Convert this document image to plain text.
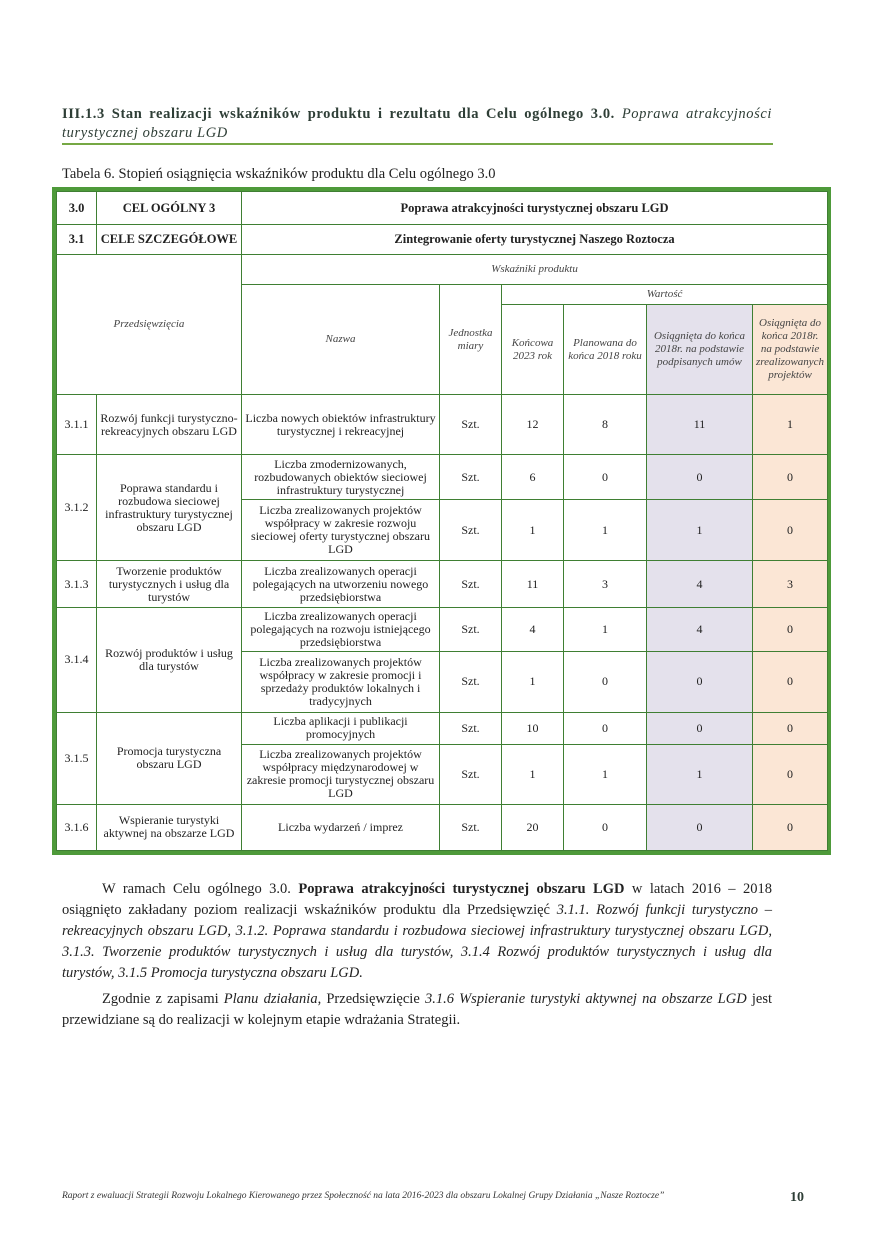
III.1.3 Stan realizacji wskaźników produktu i rezultatu dla Celu ogólnego 3.0. Poprawa atrakcyjności turystycznej obszaru LGD
Tabela 6. Stopień osiągnięcia wskaźników produktu dla Celu ogólnego 3.0
3.0	CEL OGÓLNY 3	Poprawa atrakcyjności turystycznej obszaru LGD					
3.1	CELE SZCZEGÓŁOWE	Zintegrowanie oferty turystycznej Naszego Roztocza					
Przedsięwzięcia		Wskaźniki produktu					
		Nazwa	Jednostka miary	Wartość			
				Końcowa 2023 rok	Planowana do końca 2018 roku	Osiągnięta do końca 2018r. na podstawie podpisanych umów	Osiągnięta do końca 2018r. na podstawie zrealizowanych projektów
3.1.1	Rozwój funkcji turystyczno-rekreacyjnych obszaru LGD	Liczba nowych obiektów infrastruktury turystycznej i rekreacyjnej	Szt.	12	8	11	1
3.1.2	Poprawa standardu i rozbudowa sieciowej infrastruktury turystycznej obszaru LGD	Liczba zmodernizowanych, rozbudowanych obiektów sieciowej infrastruktury turystycznej	Szt.	6	0	0	0
		Liczba zrealizowanych projektów współpracy w zakresie rozwoju sieciowej oferty turystycznej obszaru LGD	Szt.	1	1	1	0
3.1.3	Tworzenie produktów turystycznych i usług dla turystów	Liczba zrealizowanych operacji polegających na utworzeniu nowego przedsiębiorstwa	Szt.	11	3	4	3
3.1.4	Rozwój produktów i usług dla turystów	Liczba zrealizowanych operacji polegających na rozwoju istniejącego przedsiębiorstwa	Szt.	4	1	4	0
		Liczba zrealizowanych projektów współpracy w zakresie promocji i sprzedaży produktów lokalnych i tradycyjnych	Szt.	1	0	0	0
3.1.5	Promocja turystyczna obszaru LGD	Liczba aplikacji i publikacji promocyjnych	Szt.	10	0	0	0
		Liczba zrealizowanych projektów współpracy międzynarodowej w zakresie promocji turystycznej obszaru LGD	Szt.	1	1	1	0
3.1.6	Wspieranie turystyki aktywnej na obszarze LGD	Liczba wydarzeń / imprez	Szt.	20	0	0	0
W ramach Celu ogólnego 3.0. Poprawa atrakcyjności turystycznej obszaru LGD w latach 2016 – 2018 osiągnięto zakładany poziom realizacji wskaźników produktu dla Przedsięwzięć 3.1.1. Rozwój funkcji turystyczno – rekreacyjnych obszaru LGD, 3.1.2. Poprawa standardu i rozbudowa sieciowej infrastruktury turystycznej obszaru LGD, 3.1.3. Tworzenie produktów turystycznych i usług dla turystów, 3.1.4 Rozwój produktów turystycznych i usług dla turystów, 3.1.5 Promocja turystyczna obszaru LGD.
Zgodnie z zapisami Planu działania, Przedsięwzięcie 3.1.6 Wspieranie turystyki aktywnej na obszarze LGD jest przewidziane są do realizacji w kolejnym etapie wdrażania Strategii.
Raport z ewaluacji Strategii Rozwoju Lokalnego Kierowanego przez Społeczność na lata 2016-2023 dla obszaru Lokalnej Grupy Działania „Nasze Roztocze”	10
